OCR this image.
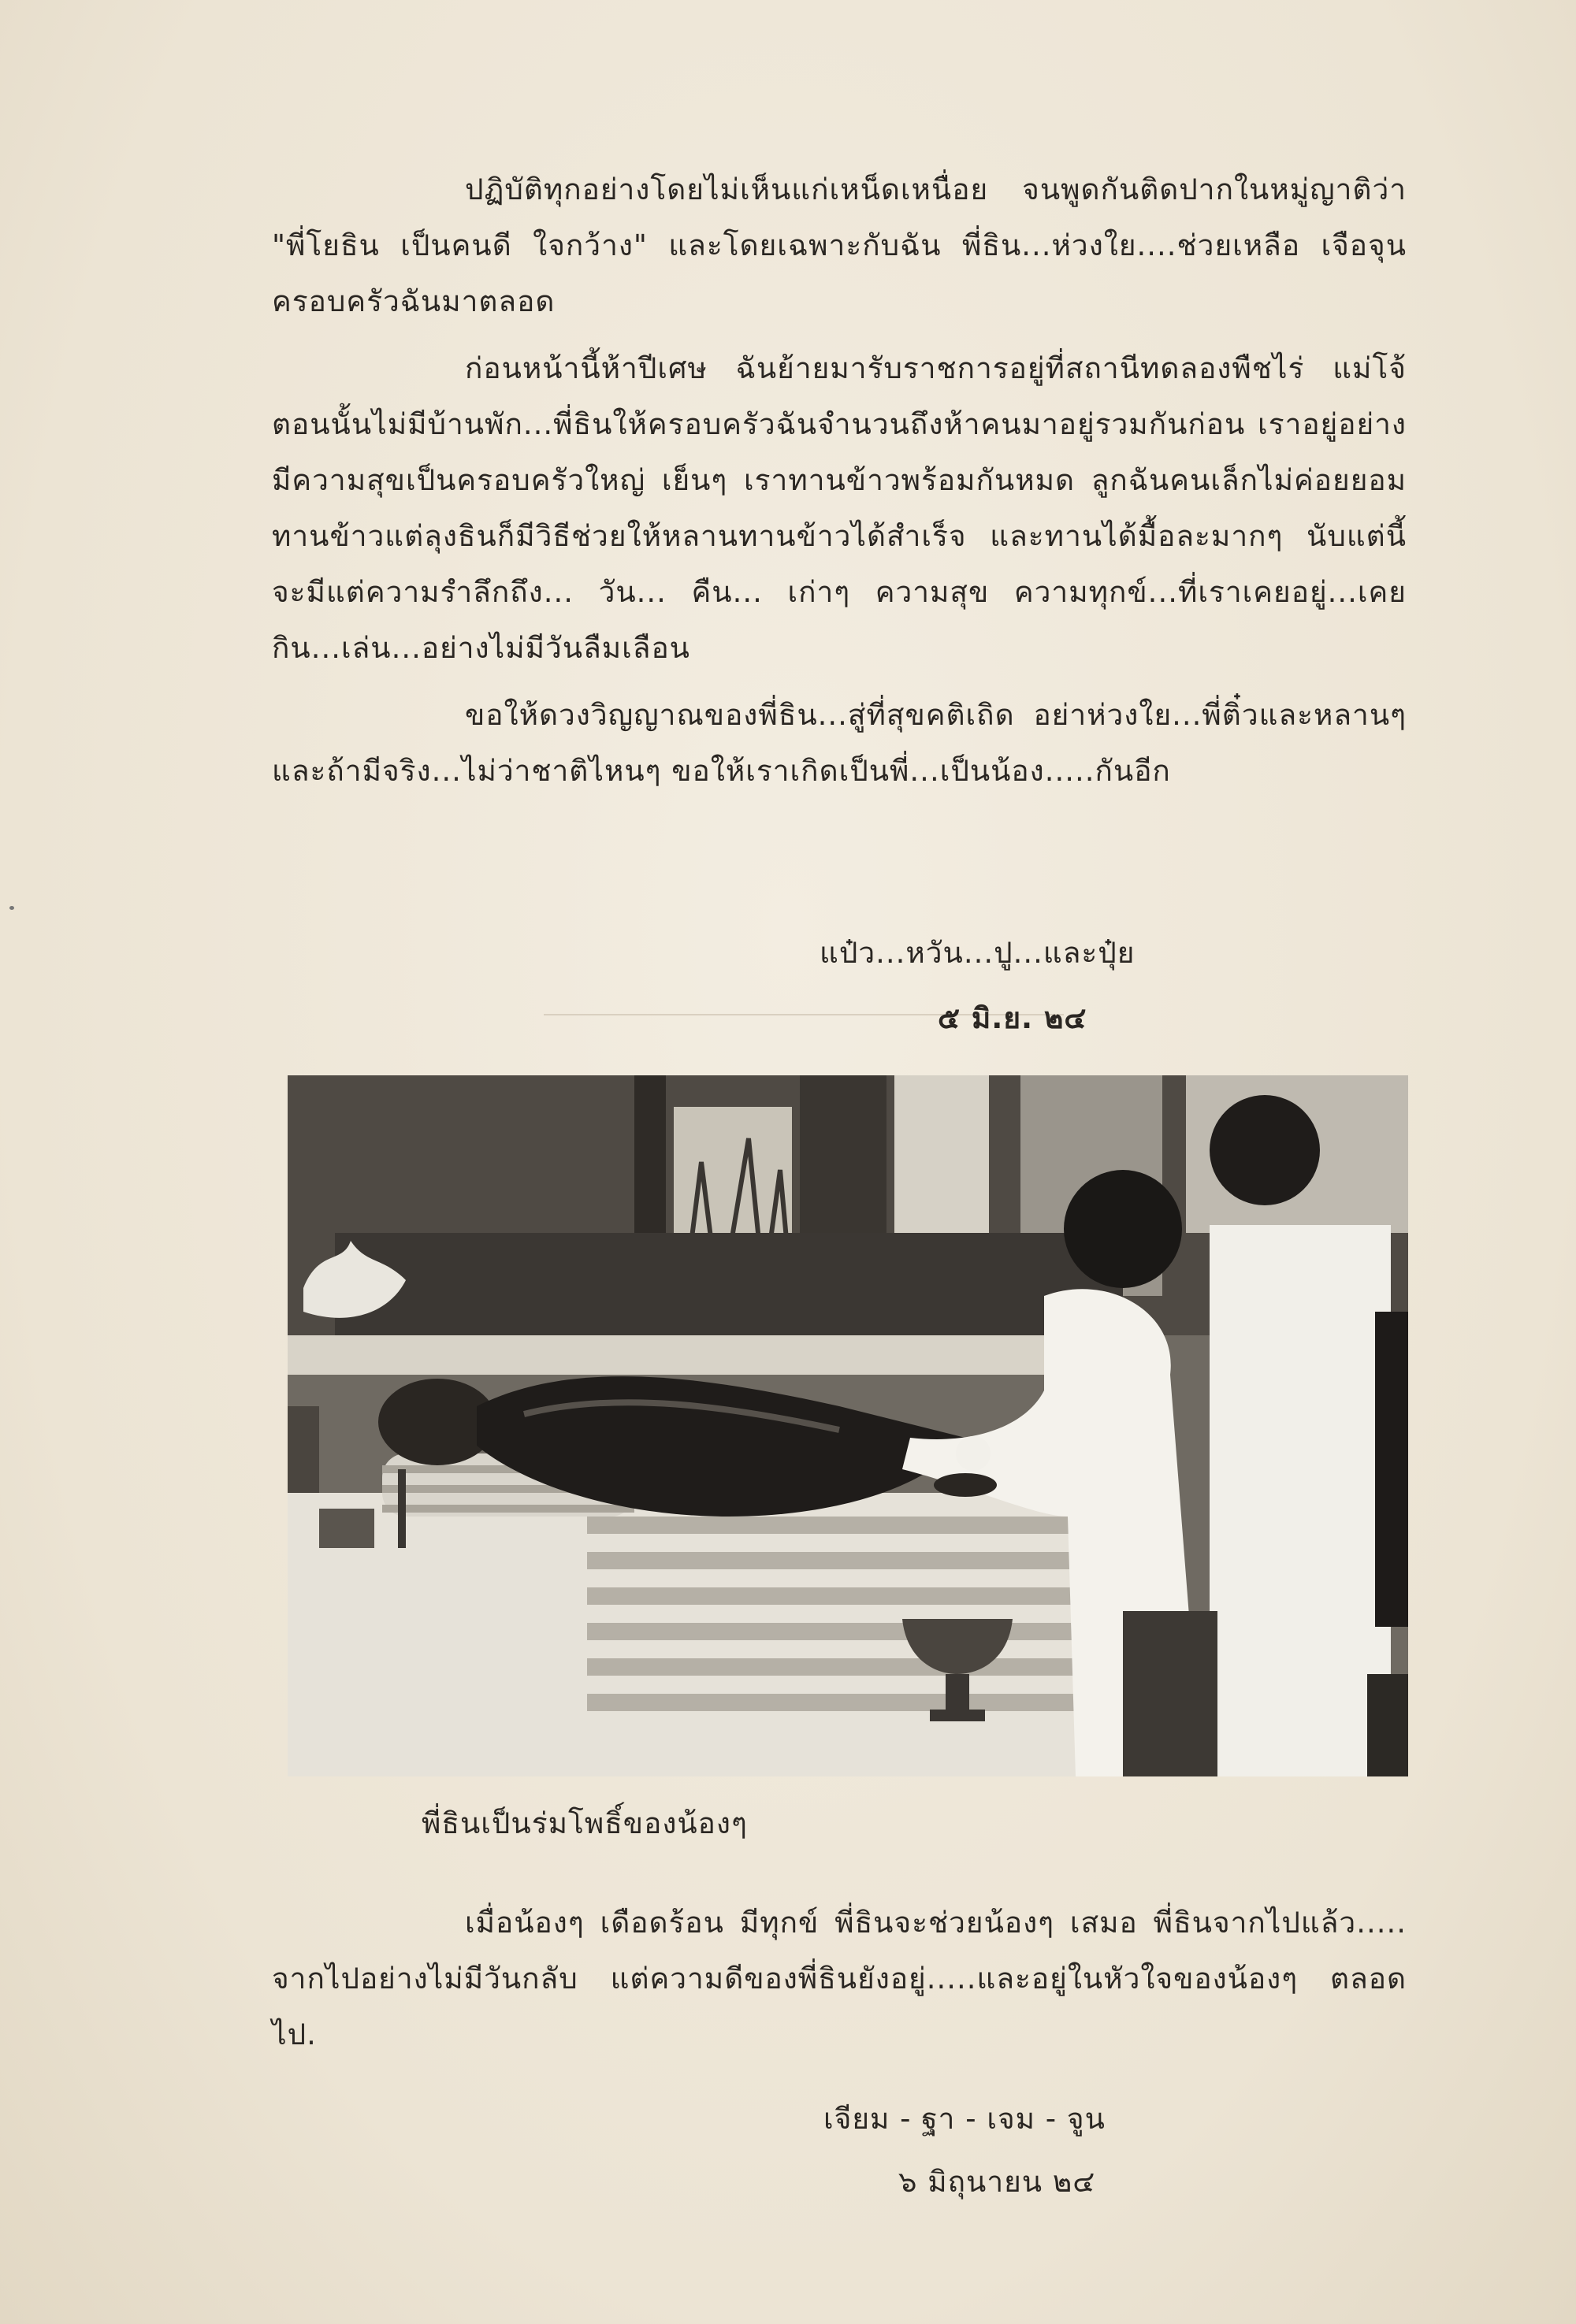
ปฏิบัติทุกอย่างโดยไม่เห็นแก่เหน็ดเหนื่อย จนพูดกันติดปากในหมู่ญาติว่า "พี่โยธิน เป็นคนดี ใจกว้าง" และโดยเฉพาะกับฉัน พี่ธิน...ห่วงใย....ช่วยเหลือ เจือจุนครอบครัวฉันมาตลอด

ก่อนหน้านี้ห้าปีเศษ ฉันย้ายมารับราชการอยู่ที่สถานีทดลองพืชไร่ แม่โจ้ ตอนนั้นไม่มีบ้านพัก...พี่ธินให้ครอบครัวฉันจำนวนถึงห้าคนมาอยู่รวมกันก่อน เราอยู่อย่างมีความสุขเป็นครอบครัวใหญ่ เย็นๆ เราทานข้าวพร้อมกันหมด ลูกฉันคนเล็กไม่ค่อยยอมทานข้าวแต่ลุงธินก็มีวิธีช่วยให้หลานทานข้าวได้สำเร็จ และทานได้มื้อละมากๆ นับแต่นี้จะมีแต่ความรำลึกถึง... วัน... คืน... เก่าๆ ความสุข ความทุกข์...ที่เราเคยอยู่...เคยกิน...เล่น...อย่างไม่มีวันลืมเลือน

ขอให้ดวงวิญญาณของพี่ธิน...สู่ที่สุขคติเถิด อย่าห่วงใย...พี่ติ๋วและหลานๆ และถ้ามีจริง...ไม่ว่าชาติไหนๆ ขอให้เราเกิดเป็นพี่...เป็นน้อง.....กันอีก

แป๋ว...หวัน...ปู...และปุ๋ย
๕ มิ.ย. ๒๔
พี่ธินเป็นร่มโพธิ์ของน้องๆ

เมื่อน้องๆ เดือดร้อน มีทุกข์ พี่ธินจะช่วยน้องๆ เสมอ พี่ธินจากไปแล้ว..... จากไปอย่างไม่มีวันกลับ แต่ความดีของพี่ธินยังอยู่.....และอยู่ในหัวใจของน้องๆ ตลอดไป.

เจียม - ฐา - เจม - จูน
๖ มิถุนายน ๒๔
